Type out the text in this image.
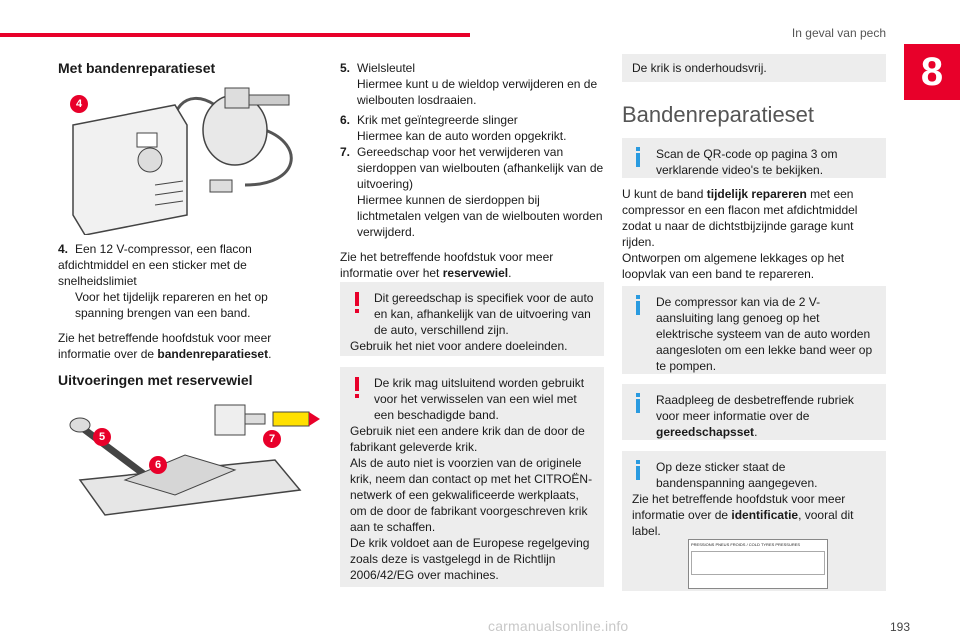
In geval van pech
8
Met bandenreparatieset
4
4. Een 12 V-compressor, een flacon afdichtmiddel en een sticker met de snelheidslimiet
Voor het tijdelijk repareren en het op spanning brengen van een band.
Zie het betreffende hoofdstuk voor meer informatie over de bandenreparatieset.
Uitvoeringen met reservewiel
5
6
7
5. Wielsleutel
Hiermee kunt u de wieldop verwijderen en de wielbouten losdraaien.
6. Krik met geïntegreerde slinger
Hiermee kan de auto worden opgekrikt.
7. Gereedschap voor het verwijderen van sierdoppen van wielbouten (afhankelijk van de uitvoering)
Hiermee kunnen de sierdoppen bij lichtmetalen velgen van de wielbouten worden verwijderd.
Zie het betreffende hoofdstuk voor meer informatie over het reservewiel.
Dit gereedschap is specifiek voor de auto en kan, afhankelijk van de uitvoering van de auto, verschillend zijn.
Gebruik het niet voor andere doeleinden.
De krik mag uitsluitend worden gebruikt voor het verwisselen van een wiel met een beschadigde band.
Gebruik niet een andere krik dan de door de fabrikant geleverde krik.
Als de auto niet is voorzien van de originele krik, neem dan contact op met het CITROËN-netwerk of een gekwalificeerde werkplaats, om de door de fabrikant voorgeschreven krik aan te schaffen.
De krik voldoet aan de Europese regelgeving zoals deze is vastgelegd in de Richtlijn 2006/42/EG over machines.
De krik is onderhoudsvrij.
Bandenreparatieset
Scan de QR-code op pagina 3 om verklarende video's te bekijken.
U kunt de band tijdelijk repareren met een compressor en een flacon met afdichtmiddel zodat u naar de dichtstbijzijnde garage kunt rijden.
Ontworpen om algemene lekkages op het loopvlak van een band te repareren.
De compressor kan via de 2 V-aansluiting lang genoeg op het elektrische systeem van de auto worden aangesloten om een lekke band weer op te pompen.
Raadpleeg de desbetreffende rubriek voor meer informatie over de gereedschapsset.
Op deze sticker staat de bandenspanning aangegeven.
Zie het betreffende hoofdstuk voor meer informatie over de identificatie, vooral dit label.
PRESSIONS PNEUS FROIDS / COLD TYRES PRESSURES
carmanualsonline.info	193
